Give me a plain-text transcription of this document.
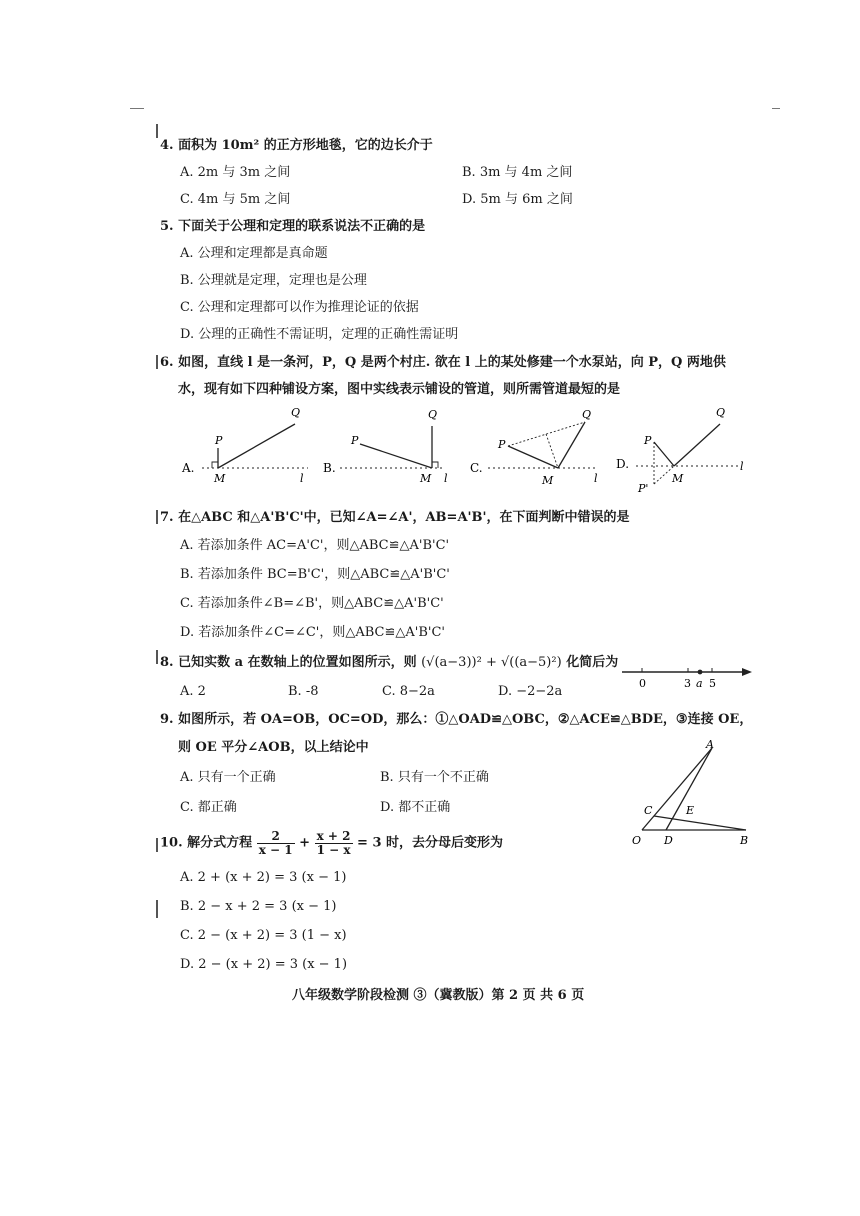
4. 面积为 10m² 的正方形地毯，它的边长介于
A. 2m 与 3m 之间	B. 3m 与 4m 之间
C. 4m 与 5m 之间	D. 5m 与 6m 之间
5. 下面关于公理和定理的联系说法不正确的是
A. 公理和定理都是真命题
B. 公理就是定理，定理也是公理
C. 公理和定理都可以作为推理论证的依据
D. 公理的正确性不需证明，定理的正确性需证明
6. 如图，直线 l 是一条河，P，Q 是两个村庄. 欲在 l 上的某处修建一个水泵站，向 P，Q 两地供
水，现有如下四种铺设方案，图中实线表示铺设的管道，则所需管道最短的是
A.
P
Q
M	l
B.
P
Q
M l
C.
P
Q
M	l
D.
P
Q
M
l
P'
7. 在△ABC 和△A'B'C'中，已知∠A=∠A'，AB=A'B'，在下面判断中错误的是
A. 若添加条件 AC=A'C'，则△ABC≌△A'B'C'
B. 若添加条件 BC=B'C'，则△ABC≌△A'B'C'
C. 若添加条件∠B=∠B'，则△ABC≌△A'B'C'
D. 若添加条件∠C=∠C'，则△ABC≌△A'B'C'
8. 已知实数 a 在数轴上的位置如图所示，则 (√(a−3))² + √((a−5)²) 化简后为
A. 2	B. -8	C. 8−2a	D. −2−2a
0	3 a 5
9. 如图所示，若 OA=OB，OC=OD，那么：①△OAD≌△OBC，②△ACE≌△BDE，③连接 OE，
则 OE 平分∠AOB，以上结论中
A. 只有一个正确	B. 只有一个不正确
C. 都正确	D. 都不正确
A
B
C
D
E
O
10. 解分式方程 $\frac{2}{x - 1} + \frac{x + 2}{1 - x} = 3$ 时，去分母后变形为
A. 2 + (x + 2) = 3 (x − 1)
B. 2 − x + 2 = 3 (x − 1)
C. 2 − (x + 2) = 3 (1 − x)
D. 2 − (x + 2) = 3 (x − 1)
八年级数学阶段检测 ③（冀教版）第 2 页 共 6 页
